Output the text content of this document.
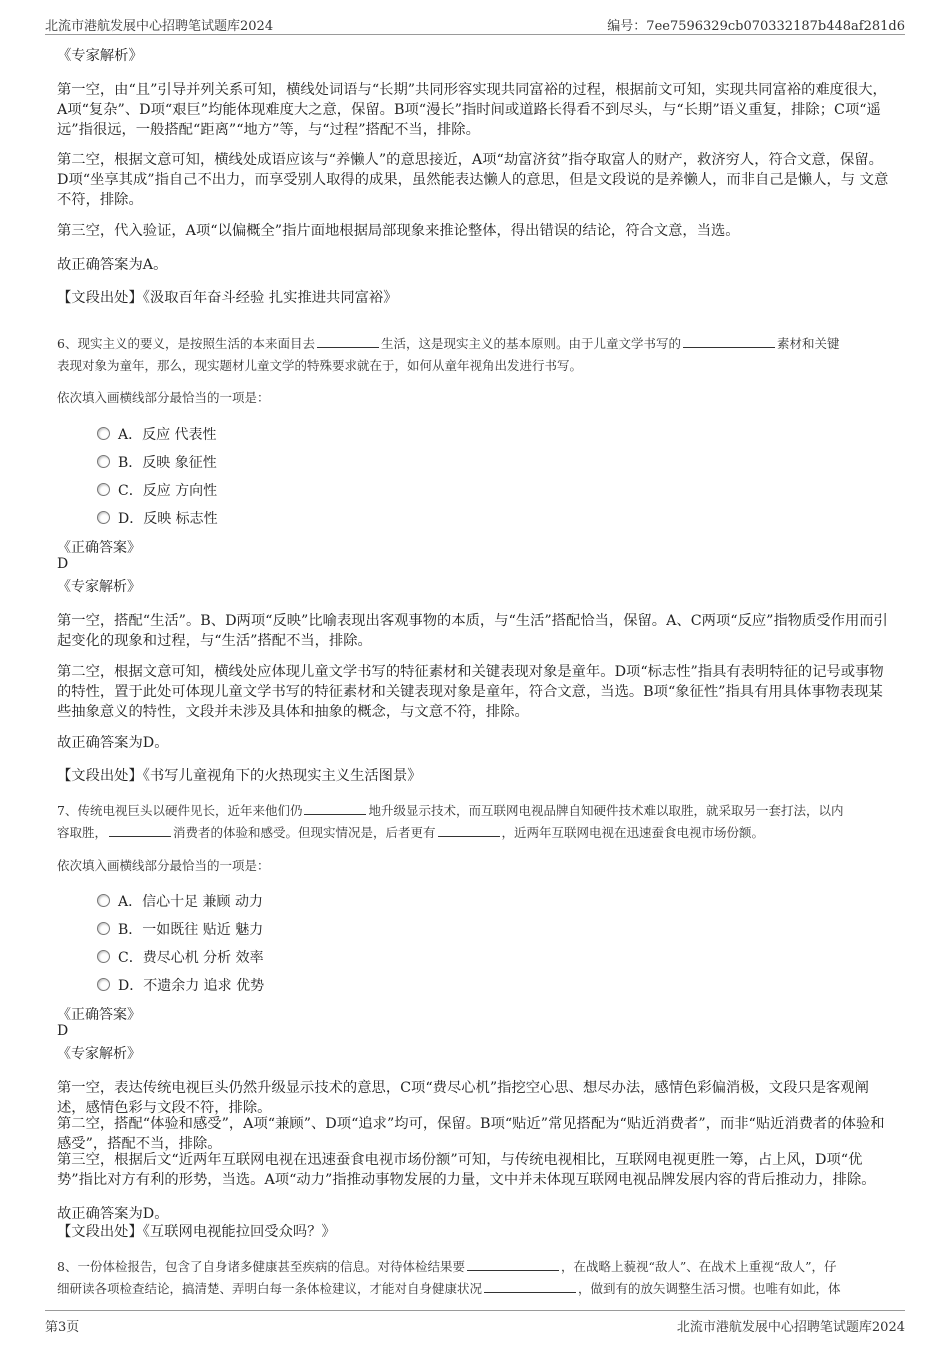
北流市港航发展中心招聘笔试题库2024	编号：7ee7596329cb070332187b448af281d6
《专家解析》
第一空，由“且”引导并列关系可知，横线处词语与“长期”共同形容实现共同富裕的过程，根据前文可知，实现共同富裕的难度很大，A项“复杂”、D项“艰巨”均能体现难度大之意，保留。B项“漫长”指时间或道路长得看不到尽头，与“长期”语义重复，排除；C项“遥远”指很远，一般搭配“距离”“地方”等，与“过程”搭配不当，排除。
第二空，根据文意可知，横线处成语应该与“养懒人”的意思接近，A项“劫富济贫”指夺取富人的财产，救济穷人，符合文意，保留。D项“坐享其成”指自己不出力，而享受别人取得的成果，虽然能表达懒人的意思，但是文段说的是养懒人，而非自己是懒人，与 文意 不符，排除。
第三空，代入验证，A项“以偏概全”指片面地根据局部现象来推论整体，得出错误的结论，符合文意，当选。
故正确答案为A。
【文段出处】《汲取百年奋斗经验 扎实推进共同富裕》
6、现实主义的要义，是按照生活的本来面目去	生活，这是现实主义的基本原则。由于儿童文学书写的	素材和关键
表现对象为童年，那么，现实题材儿童文学的特殊要求就在于，如何从童年视角出发进行书写。
依次填入画横线部分最恰当的一项是：
A．反应 代表性
B．反映 象征性
C．反应 方向性
D．反映 标志性
《正确答案》
D
《专家解析》
第一空，搭配“生活”。B、D两项“反映”比喻表现出客观事物的本质，与“生活”搭配恰当，保留。A、C两项“反应”指物质受作用而引起变化的现象和过程，与“生活”搭配不当，排除。
第二空，根据文意可知，横线处应体现儿童文学书写的特征素材和关键表现对象是童年。D项“标志性”指具有表明特征的记号或事物的特性，置于此处可体现儿童文学书写的特征素材和关键表现对象是童年，符合文意，当选。B项“象征性”指具有用具体事物表现某些抽象意义的特性，文段并未涉及具体和抽象的概念，与文意不符，排除。
故正确答案为D。
【文段出处】《书写儿童视角下的火热现实主义生活图景》
7、传统电视巨头以硬件见长，近年来他们仍	地升级显示技术，而互联网电视品牌自知硬件技术难以取胜，就采取另一套打法，以内
容取胜，	消费者的体验和感受。但现实情况是，后者更有	，近两年互联网电视在迅速蚕食电视市场份额。
依次填入画横线部分最恰当的一项是：
A．信心十足 兼顾 动力
B．一如既往 贴近 魅力
C．费尽心机 分析 效率
D．不遗余力 追求 优势
《正确答案》
D
《专家解析》
第一空，表达传统电视巨头仍然升级显示技术的意思，C项“费尽心机”指挖空心思、想尽办法，感情色彩偏消极，文段只是客观阐述，感情色彩与文段不符，排除。
第二空，搭配“体验和感受”，A项“兼顾”、D项“追求”均可，保留。B项“贴近”常见搭配为“贴近消费者”，而非“贴近消费者的体验和感受”，搭配不当，排除。
第三空，根据后文“近两年互联网电视在迅速蚕食电视市场份额”可知，与传统电视相比，互联网电视更胜一筹，占上风，D项“优势”指比对方有利的形势，当选。A项“动力”指推动事物发展的力量，文中并未体现互联网电视品牌发展内容的背后推动力，排除。
故正确答案为D。
【文段出处】《互联网电视能拉回受众吗？》
8、一份体检报告，包含了自身诸多健康甚至疾病的信息。对待体检结果要	，在战略上藐视“敌人”、在战术上重视“敌人”，仔
细研读各项检查结论，搞清楚、弄明白每一条体检建议，才能对自身健康状况	，做到有的放矢调整生活习惯。也唯有如此，体
第3页	北流市港航发展中心招聘笔试题库2024
